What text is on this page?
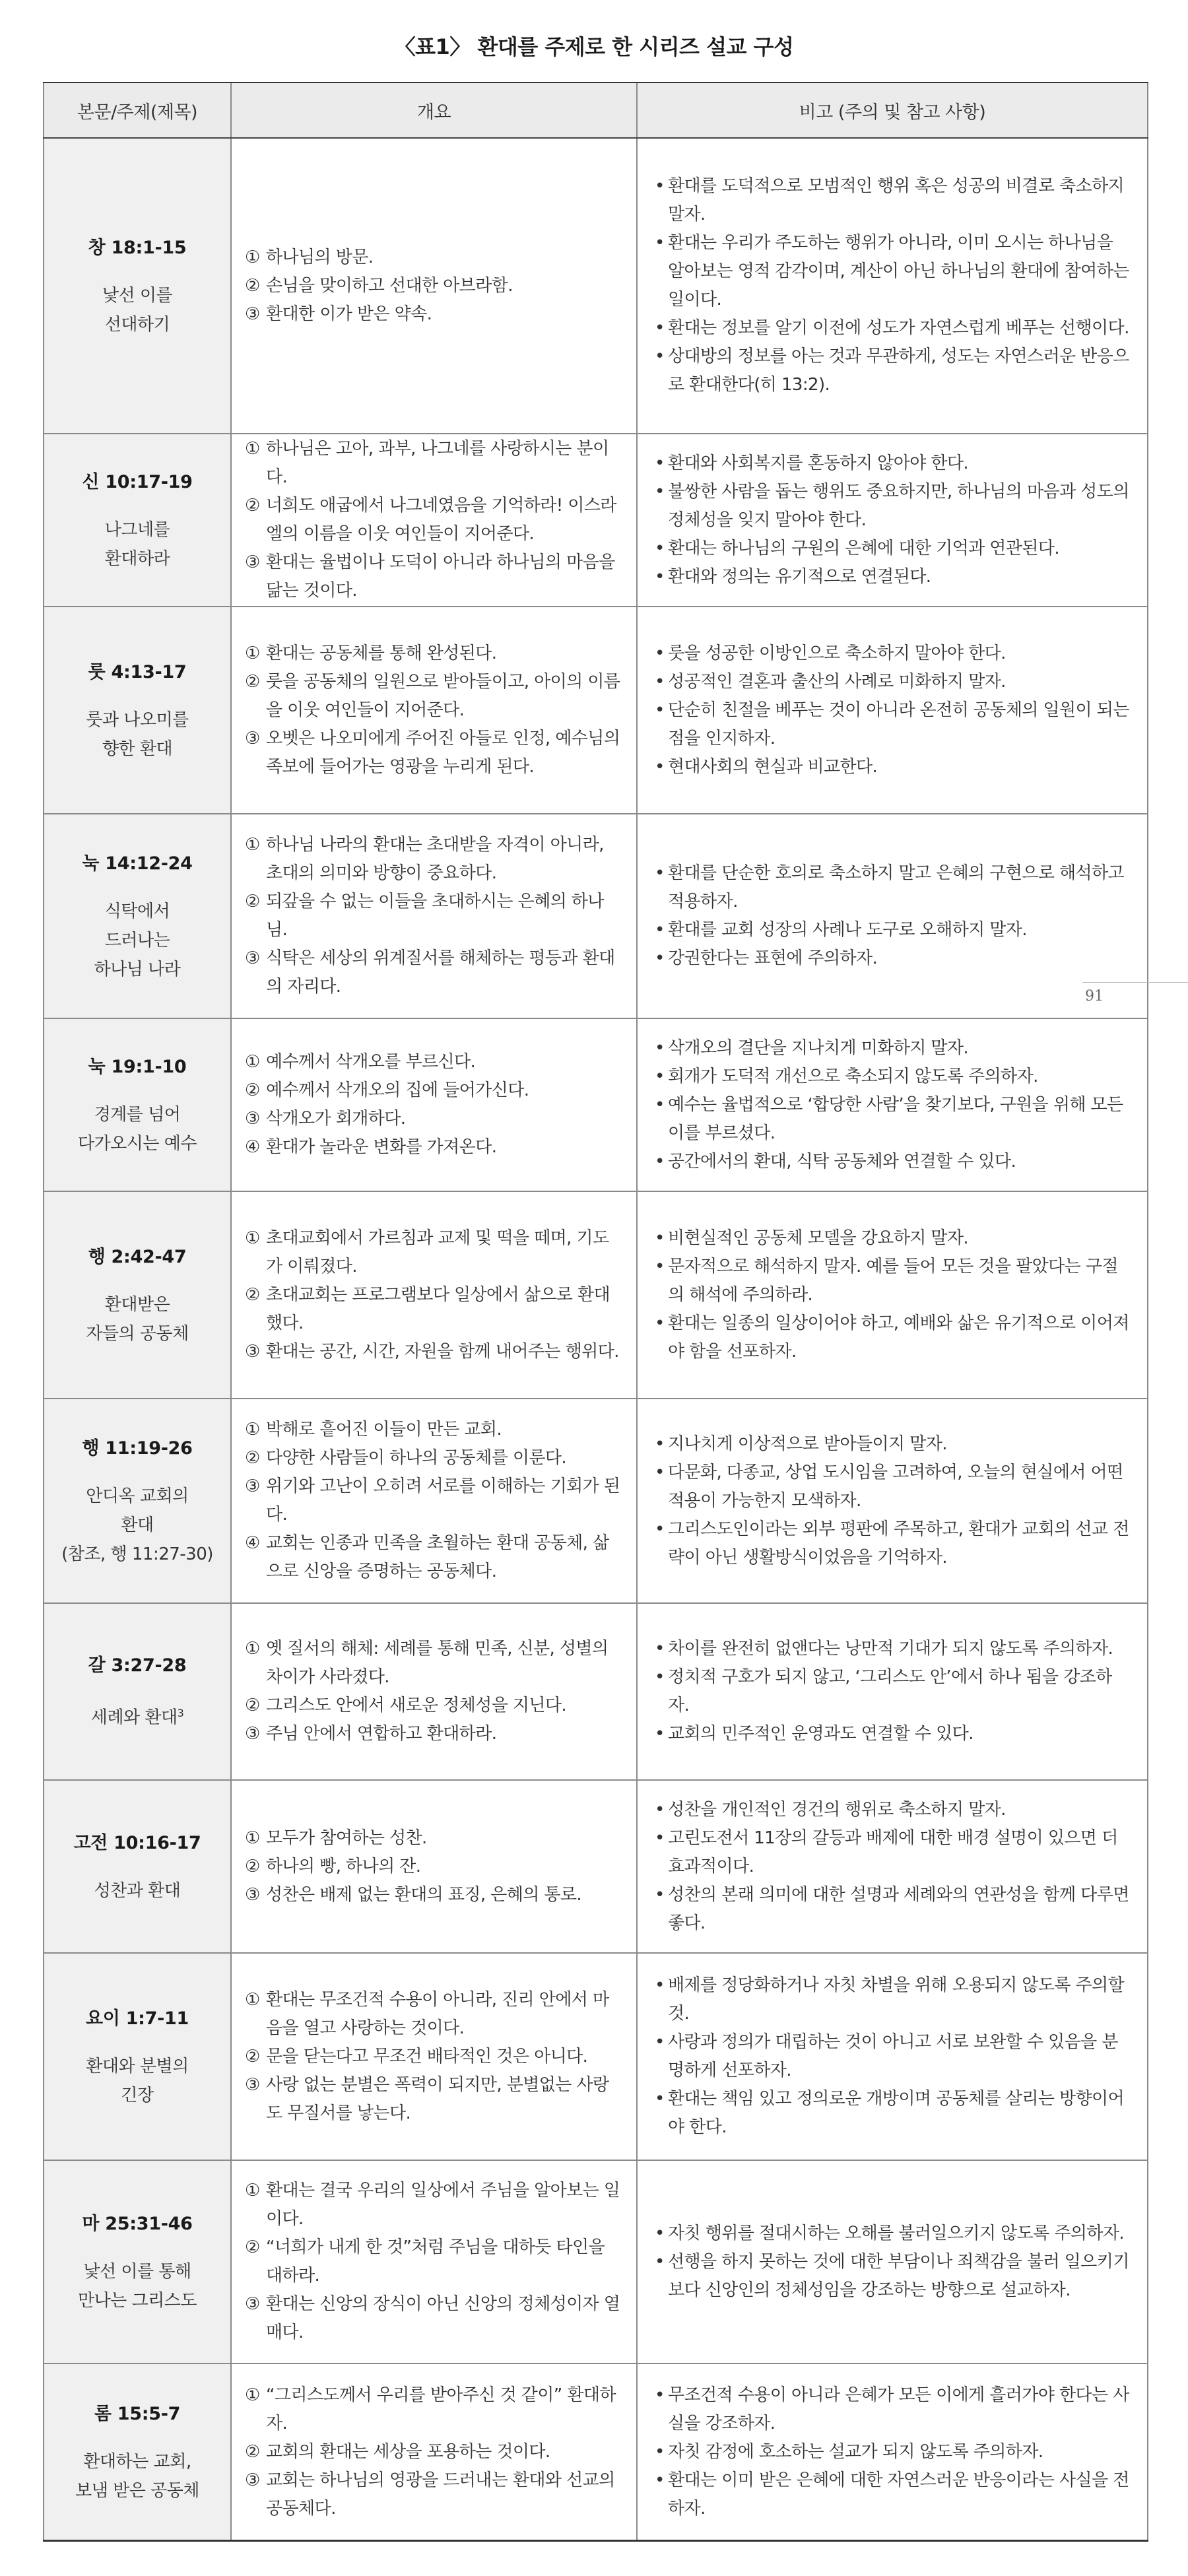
〈표1〉 환대를 주제로 한 시리즈 설교 구성
본문/주제(제목)	개요	비고 (주의 및 참고 사항)
창 18:1-15
낯선 이를
선대하기
① 하나님의 방문.
② 손님을 맞이하고 선대한 아브라함.
③ 환대한 이가 받은 약속.
• 환대를 도덕적으로 모범적인 행위 혹은 성공의 비결로 축소하지 말자.
• 환대는 우리가 주도하는 행위가 아니라, 이미 오시는 하나님을 알아보는 영적 감각이며, 계산이 아닌 하나님의 환대에 참여하는 일이다.
• 환대는 정보를 알기 이전에 성도가 자연스럽게 베푸는 선행이다.
• 상대방의 정보를 아는 것과 무관하게, 성도는 자연스러운 반응으로 환대한다(히 13:2).
신 10:17-19
나그네를
환대하라
① 하나님은 고아, 과부, 나그네를 사랑하시는 분이다.
② 너희도 애굽에서 나그네였음을 기억하라! 이스라엘의 이름을 이웃 여인들이 지어준다.
③ 환대는 율법이나 도덕이 아니라 하나님의 마음을 닮는 것이다.
• 환대와 사회복지를 혼동하지 않아야 한다.
• 불쌍한 사람을 돕는 행위도 중요하지만, 하나님의 마음과 성도의 정체성을 잊지 말아야 한다.
• 환대는 하나님의 구원의 은혜에 대한 기억과 연관된다.
• 환대와 정의는 유기적으로 연결된다.
룻 4:13-17
룻과 나오미를
향한 환대
① 환대는 공동체를 통해 완성된다.
② 룻을 공동체의 일원으로 받아들이고, 아이의 이름을 이웃 여인들이 지어준다.
③ 오벳은 나오미에게 주어진 아들로 인정, 예수님의 족보에 들어가는 영광을 누리게 된다.
• 룻을 성공한 이방인으로 축소하지 말아야 한다.
• 성공적인 결혼과 출산의 사례로 미화하지 말자.
• 단순히 친절을 베푸는 것이 아니라 온전히 공동체의 일원이 되는 점을 인지하자.
• 현대사회의 현실과 비교한다.
눅 14:12-24
식탁에서
드러나는
하나님 나라
① 하나님 나라의 환대는 초대받을 자격이 아니라, 초대의 의미와 방향이 중요하다.
② 되갚을 수 없는 이들을 초대하시는 은혜의 하나님.
③ 식탁은 세상의 위계질서를 해체하는 평등과 환대의 자리다.
• 환대를 단순한 호의로 축소하지 말고 은혜의 구현으로 해석하고 적용하자.
• 환대를 교회 성장의 사례나 도구로 오해하지 말자.
• 강권한다는 표현에 주의하자.
눅 19:1-10
경계를 넘어
다가오시는 예수
① 예수께서 삭개오를 부르신다.
② 예수께서 삭개오의 집에 들어가신다.
③ 삭개오가 회개하다.
④ 환대가 놀라운 변화를 가져온다.
• 삭개오의 결단을 지나치게 미화하지 말자.
• 회개가 도덕적 개선으로 축소되지 않도록 주의하자.
• 예수는 율법적으로 ‘합당한 사람’을 찾기보다, 구원을 위해 모든 이를 부르셨다.
• 공간에서의 환대, 식탁 공동체와 연결할 수 있다.
행 2:42-47
환대받은
자들의 공동체
① 초대교회에서 가르침과 교제 및 떡을 떼며, 기도가 이뤄졌다.
② 초대교회는 프로그램보다 일상에서 삶으로 환대했다.
③ 환대는 공간, 시간, 자원을 함께 내어주는 행위다.
• 비현실적인 공동체 모델을 강요하지 말자.
• 문자적으로 해석하지 말자. 예를 들어 모든 것을 팔았다는 구절의 해석에 주의하라.
• 환대는 일종의 일상이어야 하고, 예배와 삶은 유기적으로 이어져야 함을 선포하자.
행 11:19-26
안디옥 교회의
환대
(참조, 행 11:27-30)
① 박해로 흩어진 이들이 만든 교회.
② 다양한 사람들이 하나의 공동체를 이룬다.
③ 위기와 고난이 오히려 서로를 이해하는 기회가 된다.
④ 교회는 인종과 민족을 초월하는 환대 공동체, 삶으로 신앙을 증명하는 공동체다.
• 지나치게 이상적으로 받아들이지 말자.
• 다문화, 다종교, 상업 도시임을 고려하여, 오늘의 현실에서 어떤 적용이 가능한지 모색하자.
• 그리스도인이라는 외부 평판에 주목하고, 환대가 교회의 선교 전략이 아닌 생활방식이었음을 기억하자.
갈 3:27-28
세례와 환대$^3$
① 옛 질서의 해체: 세례를 통해 민족, 신분, 성별의 차이가 사라졌다.
② 그리스도 안에서 새로운 정체성을 지닌다.
③ 주님 안에서 연합하고 환대하라.
• 차이를 완전히 없앤다는 낭만적 기대가 되지 않도록 주의하자.
• 정치적 구호가 되지 않고, ‘그리스도 안’에서 하나 됨을 강조하자.
• 교회의 민주적인 운영과도 연결할 수 있다.
고전 10:16-17
성찬과 환대
① 모두가 참여하는 성찬.
② 하나의 빵, 하나의 잔.
③ 성찬은 배제 없는 환대의 표징, 은혜의 통로.
• 성찬을 개인적인 경건의 행위로 축소하지 말자.
• 고린도전서 11장의 갈등과 배제에 대한 배경 설명이 있으면 더 효과적이다.
• 성찬의 본래 의미에 대한 설명과 세례와의 연관성을 함께 다루면 좋다.
요이 1:7-11
환대와 분별의
긴장
① 환대는 무조건적 수용이 아니라, 진리 안에서 마음을 열고 사랑하는 것이다.
② 문을 닫는다고 무조건 배타적인 것은 아니다.
③ 사랑 없는 분별은 폭력이 되지만, 분별없는 사랑도 무질서를 낳는다.
• 배제를 정당화하거나 자칫 차별을 위해 오용되지 않도록 주의할 것.
• 사랑과 정의가 대립하는 것이 아니고 서로 보완할 수 있음을 분명하게 선포하자.
• 환대는 책임 있고 정의로운 개방이며 공동체를 살리는 방향이어야 한다.
마 25:31-46
낯선 이를 통해
만나는 그리스도
① 환대는 결국 우리의 일상에서 주님을 알아보는 일이다.
② “너희가 내게 한 것”처럼 주님을 대하듯 타인을 대하라.
③ 환대는 신앙의 장식이 아닌 신앙의 정체성이자 열매다.
• 자칫 행위를 절대시하는 오해를 불러일으키지 않도록 주의하자.
• 선행을 하지 못하는 것에 대한 부담이나 죄책감을 불러 일으키기보다 신앙인의 정체성임을 강조하는 방향으로 설교하자.
롬 15:5-7
환대하는 교회,
보냄 받은 공동체
① “그리스도께서 우리를 받아주신 것 같이” 환대하자.
② 교회의 환대는 세상을 포용하는 것이다.
③ 교회는 하나님의 영광을 드러내는 환대와 선교의 공동체다.
• 무조건적 수용이 아니라 은혜가 모든 이에게 흘러가야 한다는 사실을 강조하자.
• 자칫 감정에 호소하는 설교가 되지 않도록 주의하자.
• 환대는 이미 받은 은혜에 대한 자연스러운 반응이라는 사실을 전하자.
91
